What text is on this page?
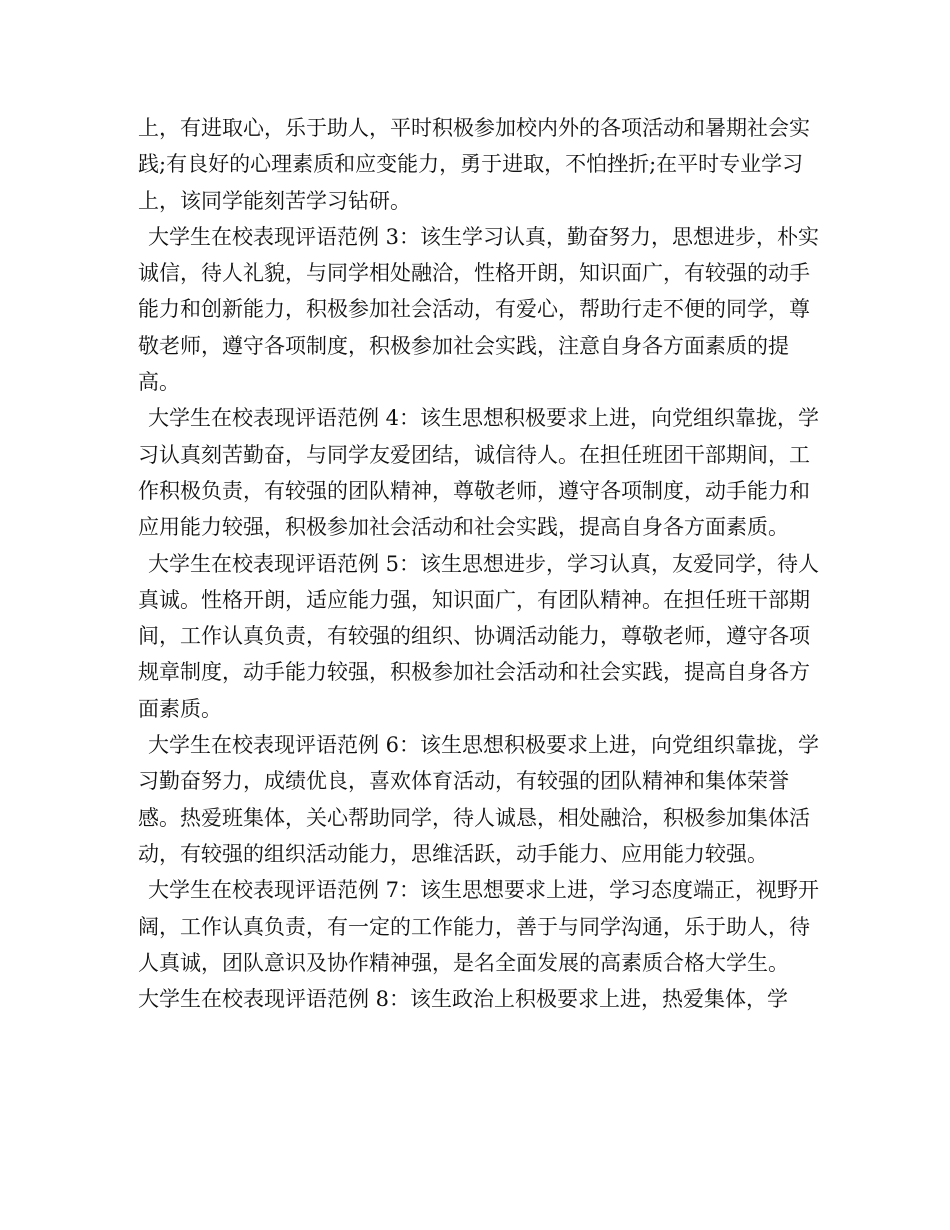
上，有进取心，乐于助人，平时积极参加校内外的各项活动和暑期社会实践;有良好的心理素质和应变能力，勇于进取，不怕挫折;在平时专业学习上，该同学能刻苦学习钻研。

大学生在校表现评语范例 3：该生学习认真，勤奋努力，思想进步，朴实诚信，待人礼貌，与同学相处融洽，性格开朗，知识面广，有较强的动手能力和创新能力，积极参加社会活动，有爱心，帮助行走不便的同学，尊敬老师，遵守各项制度，积极参加社会实践，注意自身各方面素质的提高。

大学生在校表现评语范例 4：该生思想积极要求上进，向党组织靠拢，学习认真刻苦勤奋，与同学友爱团结，诚信待人。在担任班团干部期间，工作积极负责，有较强的团队精神，尊敬老师，遵守各项制度，动手能力和应用能力较强，积极参加社会活动和社会实践，提高自身各方面素质。

大学生在校表现评语范例 5：该生思想进步，学习认真，友爱同学，待人真诚。性格开朗，适应能力强，知识面广，有团队精神。在担任班干部期间，工作认真负责，有较强的组织、协调活动能力，尊敬老师，遵守各项规章制度，动手能力较强，积极参加社会活动和社会实践，提高自身各方面素质。

大学生在校表现评语范例 6：该生思想积极要求上进，向党组织靠拢，学习勤奋努力，成绩优良，喜欢体育活动，有较强的团队精神和集体荣誉感。热爱班集体，关心帮助同学，待人诚恳，相处融洽，积极参加集体活动，有较强的组织活动能力，思维活跃，动手能力、应用能力较强。

大学生在校表现评语范例 7：该生思想要求上进，学习态度端正，视野开阔，工作认真负责，有一定的工作能力，善于与同学沟通，乐于助人，待人真诚，团队意识及协作精神强，是名全面发展的高素质合格大学生。

大学生在校表现评语范例 8：该生政治上积极要求上进，热爱集体，学
